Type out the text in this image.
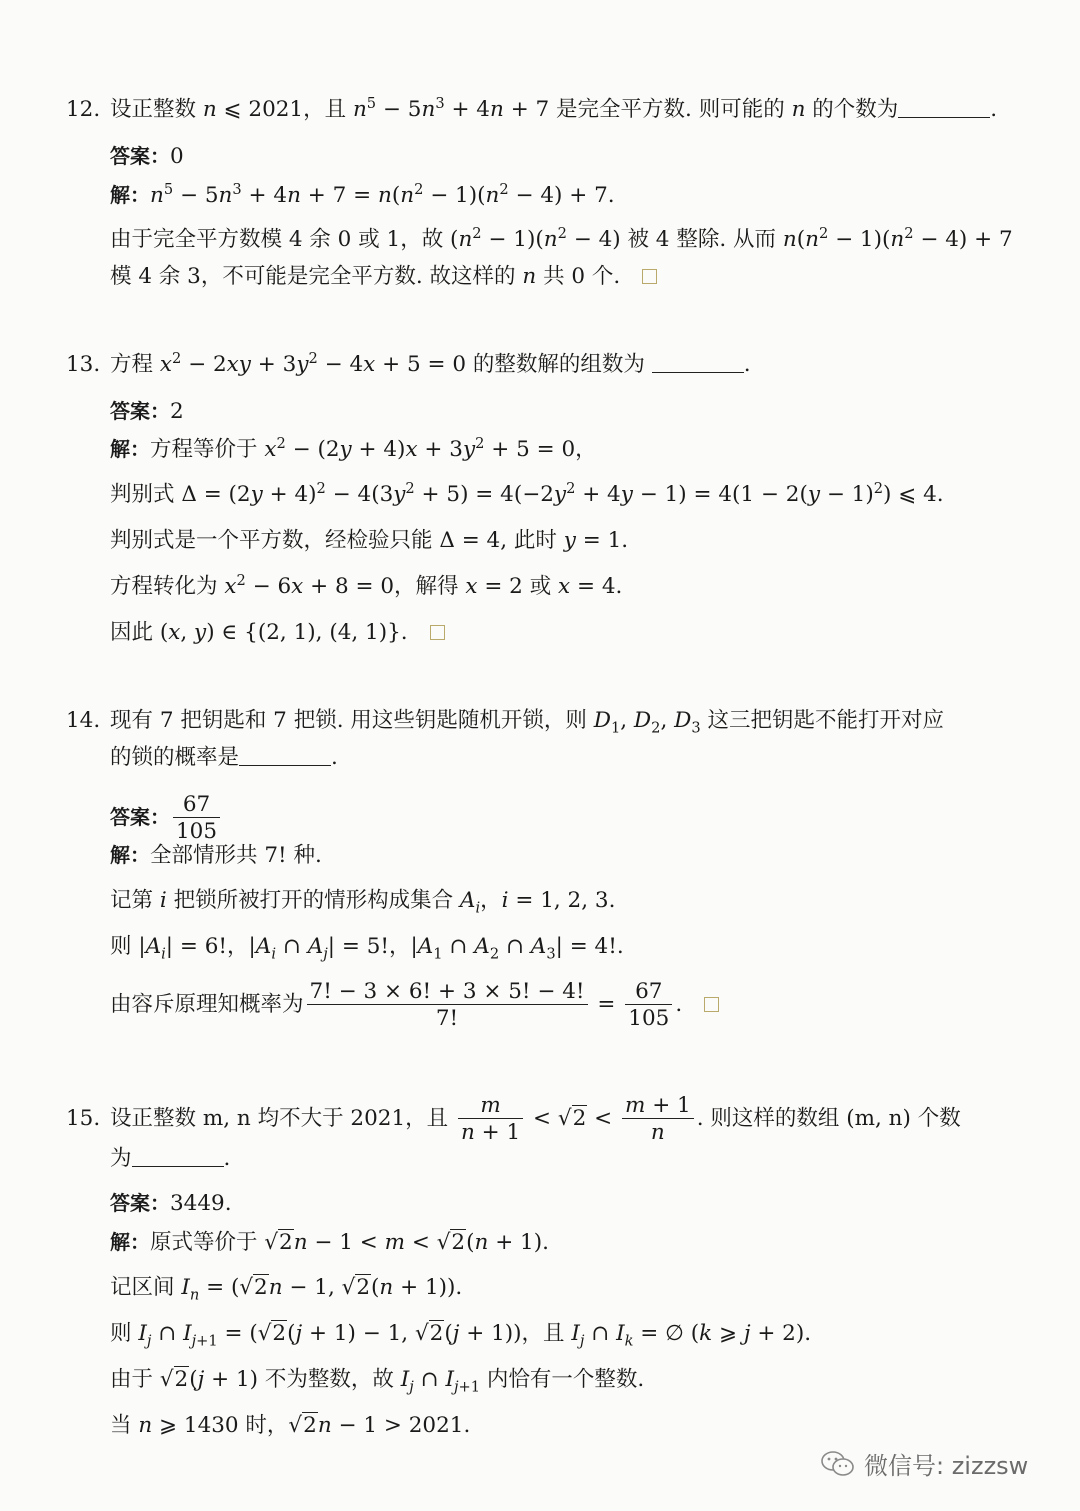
12. 设正整数 n ⩽ 2021，且 $n^5 - 5n^3 + 4n + 7$ 是完全平方数. 则可能的 n 的个数为	.
答案：0
解：$n^5 - 5n^3 + 4n + 7 = n(n^2 - 1)(n^2 - 4) + 7$.
由于完全平方数模 4 余 0 或 1，故 $(n^2 - 1)(n^2 - 4)$ 被 4 整除. 从而 $n(n^2 - 1)(n^2 - 4) + 7$
模 4 余 3，不可能是完全平方数. 故这样的 n 共 0 个.
13. 方程 $x^2 - 2xy + 3y^2 - 4x + 5 = 0$ 的整数解的组数为	.
答案：2
解：方程等价于 $x^2 - (2y + 4)x + 3y^2 + 5 = 0$，
判别式 $\Delta = (2y + 4)^2 - 4(3y^2 + 5) = 4(-2y^2 + 4y - 1) = 4(1 - 2(y - 1)^2)$ ⩽ 4.
判别式是一个平方数，经检验只能 Δ = 4, 此时 y = 1.
方程转化为 $x^2 - 6x + 8 = 0$，解得 x = 2 或 x = 4.
因此 (x, y) ∈ {(2, 1), (4, 1)}.
14. 现有 7 把钥匙和 7 把锁. 用这些钥匙随机开锁，则 $D_1$, $D_2$, $D_3$ 这三把钥匙不能打开对应
的锁的概率是	.
答案： $\frac{67}{105}$
解：全部情形共 7! 种.
记第 i 把锁所被打开的情形构成集合 $A_i$，i = 1, 2, 3.
则 $|A_i| = 6$!，$|A_i$ ∩ $A_j| = 5$!，$|A_1$ ∩ $A_2$ ∩ $A_3| = 4$!.
由容斥原理知概率为 $\frac{7! - 3 \times 6! + 3 \times 5! - 4!}{7!} = \frac{67}{105}$ .
15. 设正整数 m, n 均不大于 2021，且 $\frac{m}{n + 1} < √2 < \frac{m + 1}{n}$ . 则这样的数组 (m, n) 个数
为	.
答案：3449.
解：原式等价于 √2n − 1 < m < √2(n + 1).
记区间 $I_n = (√2n - 1$, √2(n + 1)).
则 $I_j$ ∩ $I_{j+1} = (√2(j + 1) - 1$, √2(j + 1))，且 $I_j$ ∩ $I_k$ = ∅ (k ⩾ j + 2).
由于 √2(j + 1) 不为整数，故 $I_j$ ∩ $I_{j+1}$ 内恰有一个整数.
当 n ⩾ 1430 时，√2n − 1 > 2021.
微信号: zizzsw
